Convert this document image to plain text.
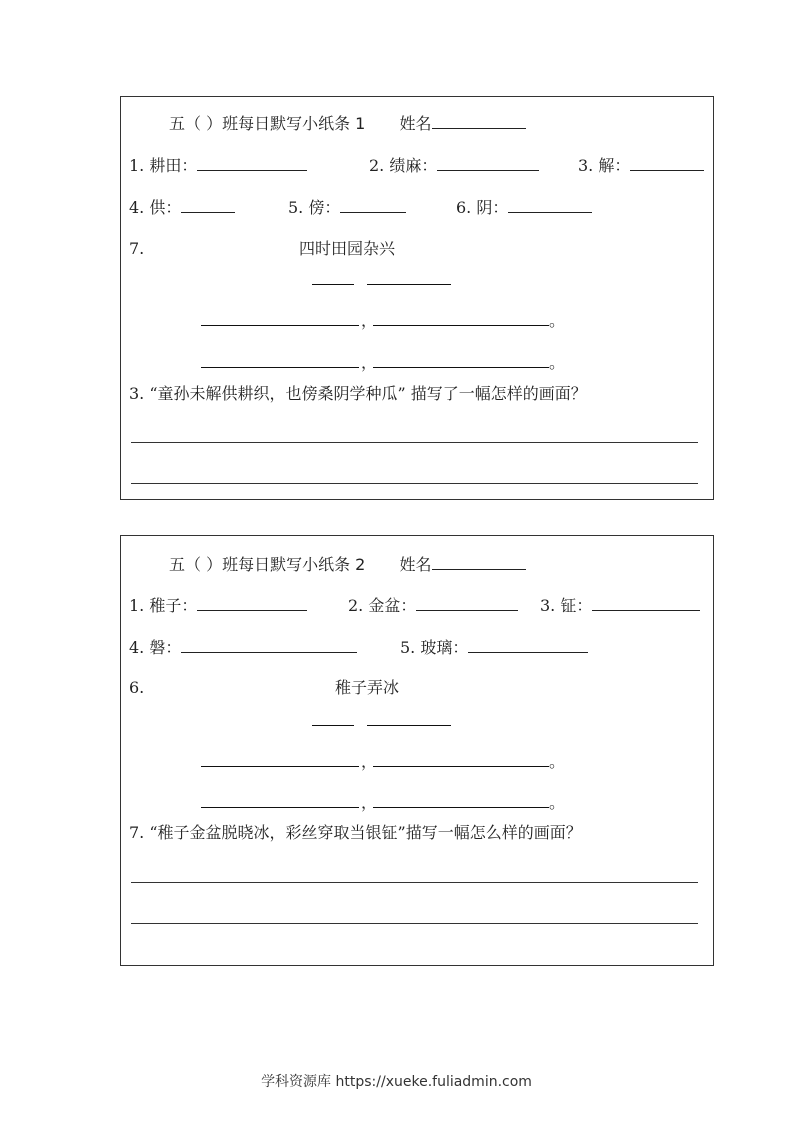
五（ ）班每日默写小纸条 1 姓名
1. 耕田：	2. 绩麻：	3. 解：
4. 供：	5. 傍：	6. 阴：
7.	四时田园杂兴
，	。
，	。
3. “童孙未解供耕织，也傍桑阴学种瓜” 描写了一幅怎样的画面？
五（ ）班每日默写小纸条 2 姓名
1. 稚子：	2. 金盆：	3. 钲：
4. 磐：	5. 玻璃：
6.	稚子弄冰
，	。
，	。
7. “稚子金盆脱晓冰，彩丝穿取当银钲”描写一幅怎么样的画面？
学科资源库 https://xueke.fuliadmin.com
